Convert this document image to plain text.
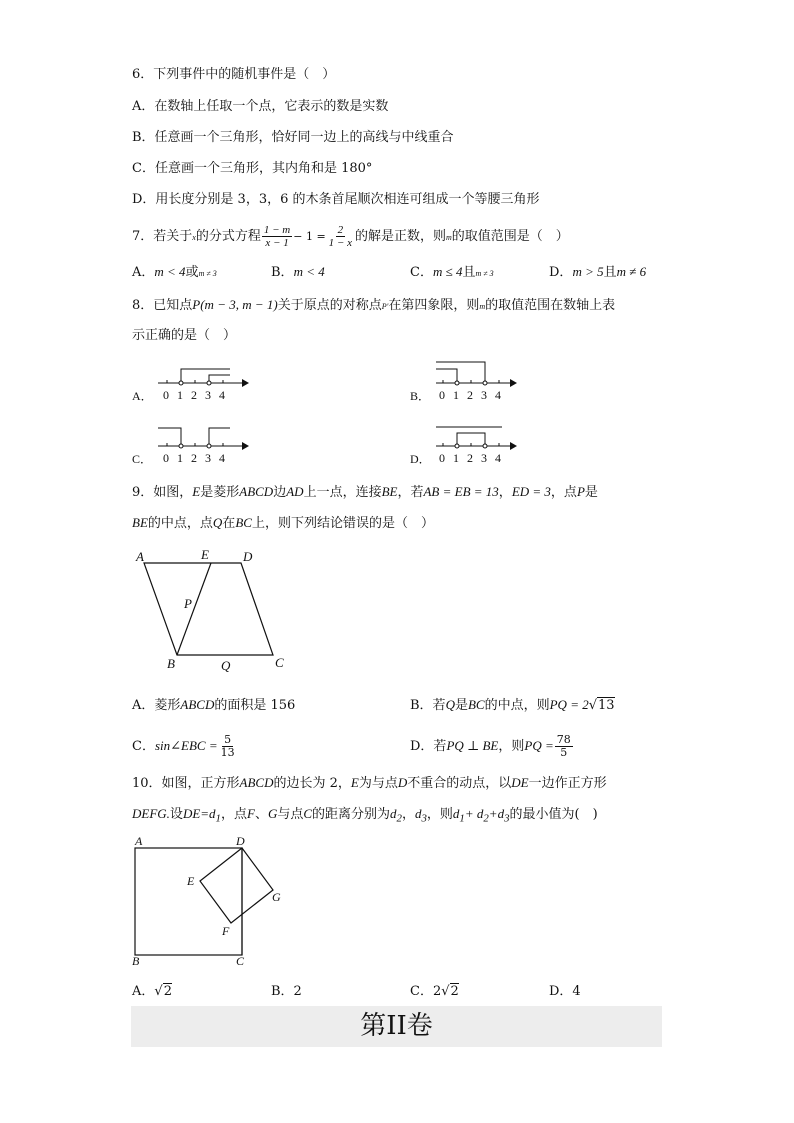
6．下列事件中的随机事件是（　）
A．在数轴上任取一个点，它表示的数是实数
B．任意画一个三角形，恰好同一边上的高线与中线重合
C．任意画一个三角形，其内角和是 180°
D．用长度分别是 3，3，6 的木条首尾顺次相连可组成一个等腰三角形
7．若关于x的分式方程 $\frac{1 - m}{x - 1} - 1 = \frac{2}{1 - x}$ 的解是正数，则m的取值范围是（　）
A．m < 4或m ≠ 3	B．m < 4	C．m ≤ 4且m ≠ 3	D．m > 5且m ≠ 6
8．已知点P(m − 3, m − 1)关于原点的对称点P′在第四象限，则m的取值范围在数轴上表
示正确的是（　）
A． 0 1 2 3 4	B． 0 1 2 3 4
C． 0 1 2 3 4	D． 0 1 2 3 4
9．如图，E是菱形ABCD边AD上一点，连接BE，若AB = EB = 13，ED = 3，点P是
BE的中点，点Q在BC上，则下列结论错误的是（　）
A	E	D
P
B	Q	C
A．菱形ABCD的面积是 156	B．若Q是BC的中点，则PQ = 2√13
C．sin∠EBC = $\frac{5}{13}$	D．若PQ ⊥ BE，则PQ = $\frac{78}{5}$
10．如图，正方形ABCD的边长为 2，E为与点D不重合的动点，以DE一边作正方形
DEFG.设$DE=d_1$，点F、G与点C的距离分别为$d_2$，$d_3$，则$d_1+ d_2+d_3$的最小值为(　)
A	D
E
G
F
B	C
A．√2	B．2	C．2√2	D．4
第II卷
